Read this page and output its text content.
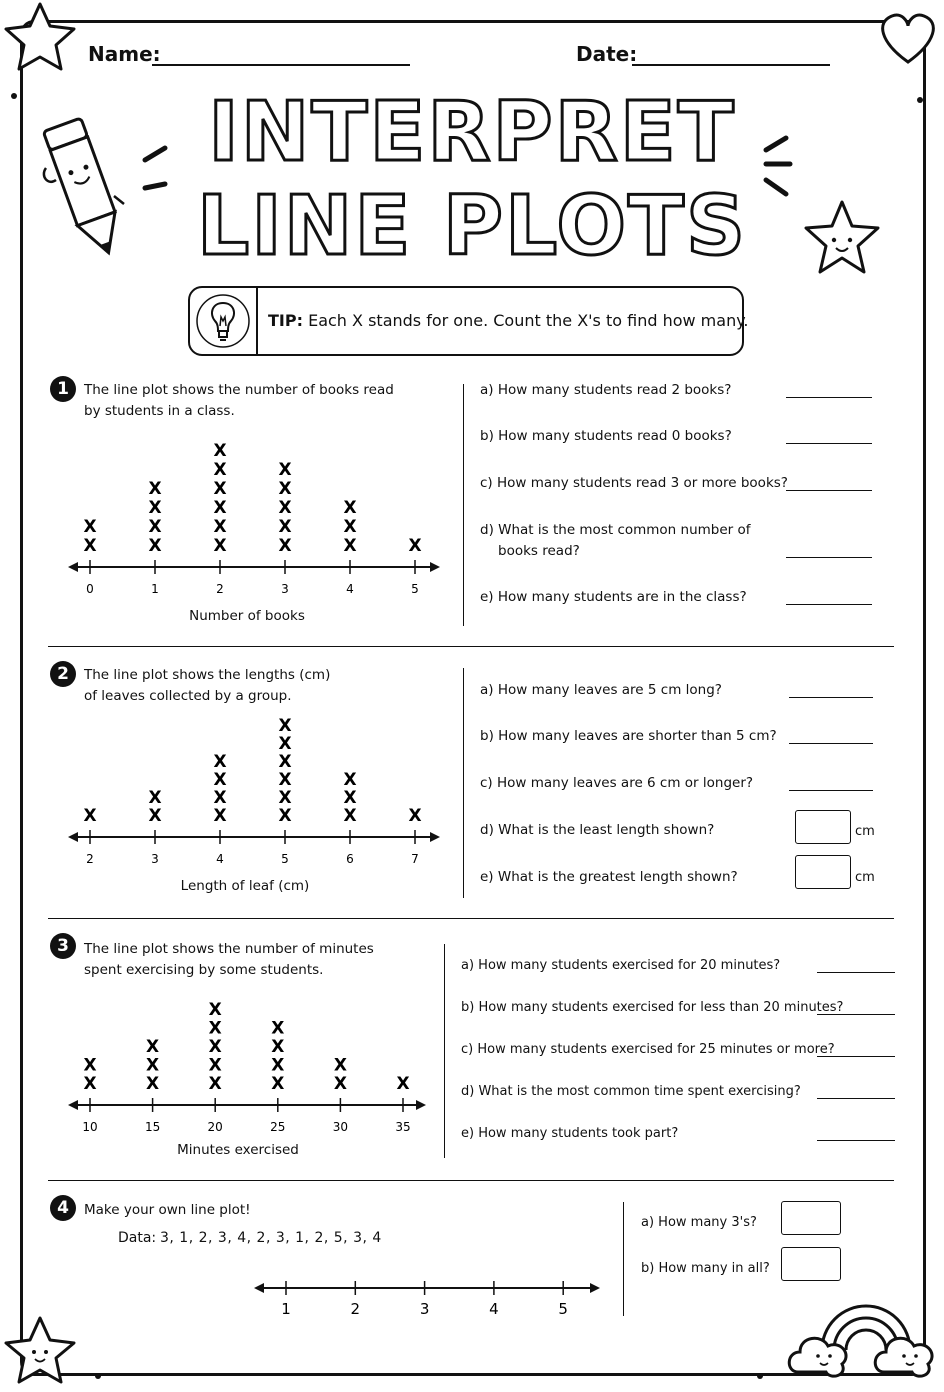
Name:	Date:
INTERPRET
LINE PLOTS
TIP: Each X stands for one. Count the X's to find how many.
1	The line plot shows the number of books read by students in a class.
0
X
X
1
X
X
X
X
2
X
X
X
X
X
X
3
X
X
X
X
X
4
X
X
X
5
X
Number of books
a) How many students read 2 books?
b) How many students read 0 books?
c) How many students read 3 or more books?
d) What is the most common number of
books read?
e) How many students are in the class?
2	The line plot shows the lengths (cm) of leaves collected by a group.
2
X
3
X
X
4
X
X
X
X
5
X
X
X
X
X
X
6
X
X
X
7
X
Length of leaf (cm)
a) How many leaves are 5 cm long?
b) How many leaves are shorter than 5 cm?
c) How many leaves are 6 cm or longer?
d) What is the least length shown?	cm
e) What is the greatest length shown?	cm
3	The line plot shows the number of minutes spent exercising by some students.
10
X
X
15
X
X
X
20
X
X
X
X
X
25
X
X
X
X
30
X
X
35
X
Minutes exercised
a) How many students exercised for 20 minutes?
b) How many students exercised for less than 20 minutes?
c) How many students exercised for 25 minutes or more?
d) What is the most common time spent exercising?
e) How many students took part?
4	Make your own line plot!
Data: 3, 1, 2, 3, 4, 2, 3, 1, 2, 5, 3, 4
1	2	3	4	5
a) How many 3's?
b) How many in all?
